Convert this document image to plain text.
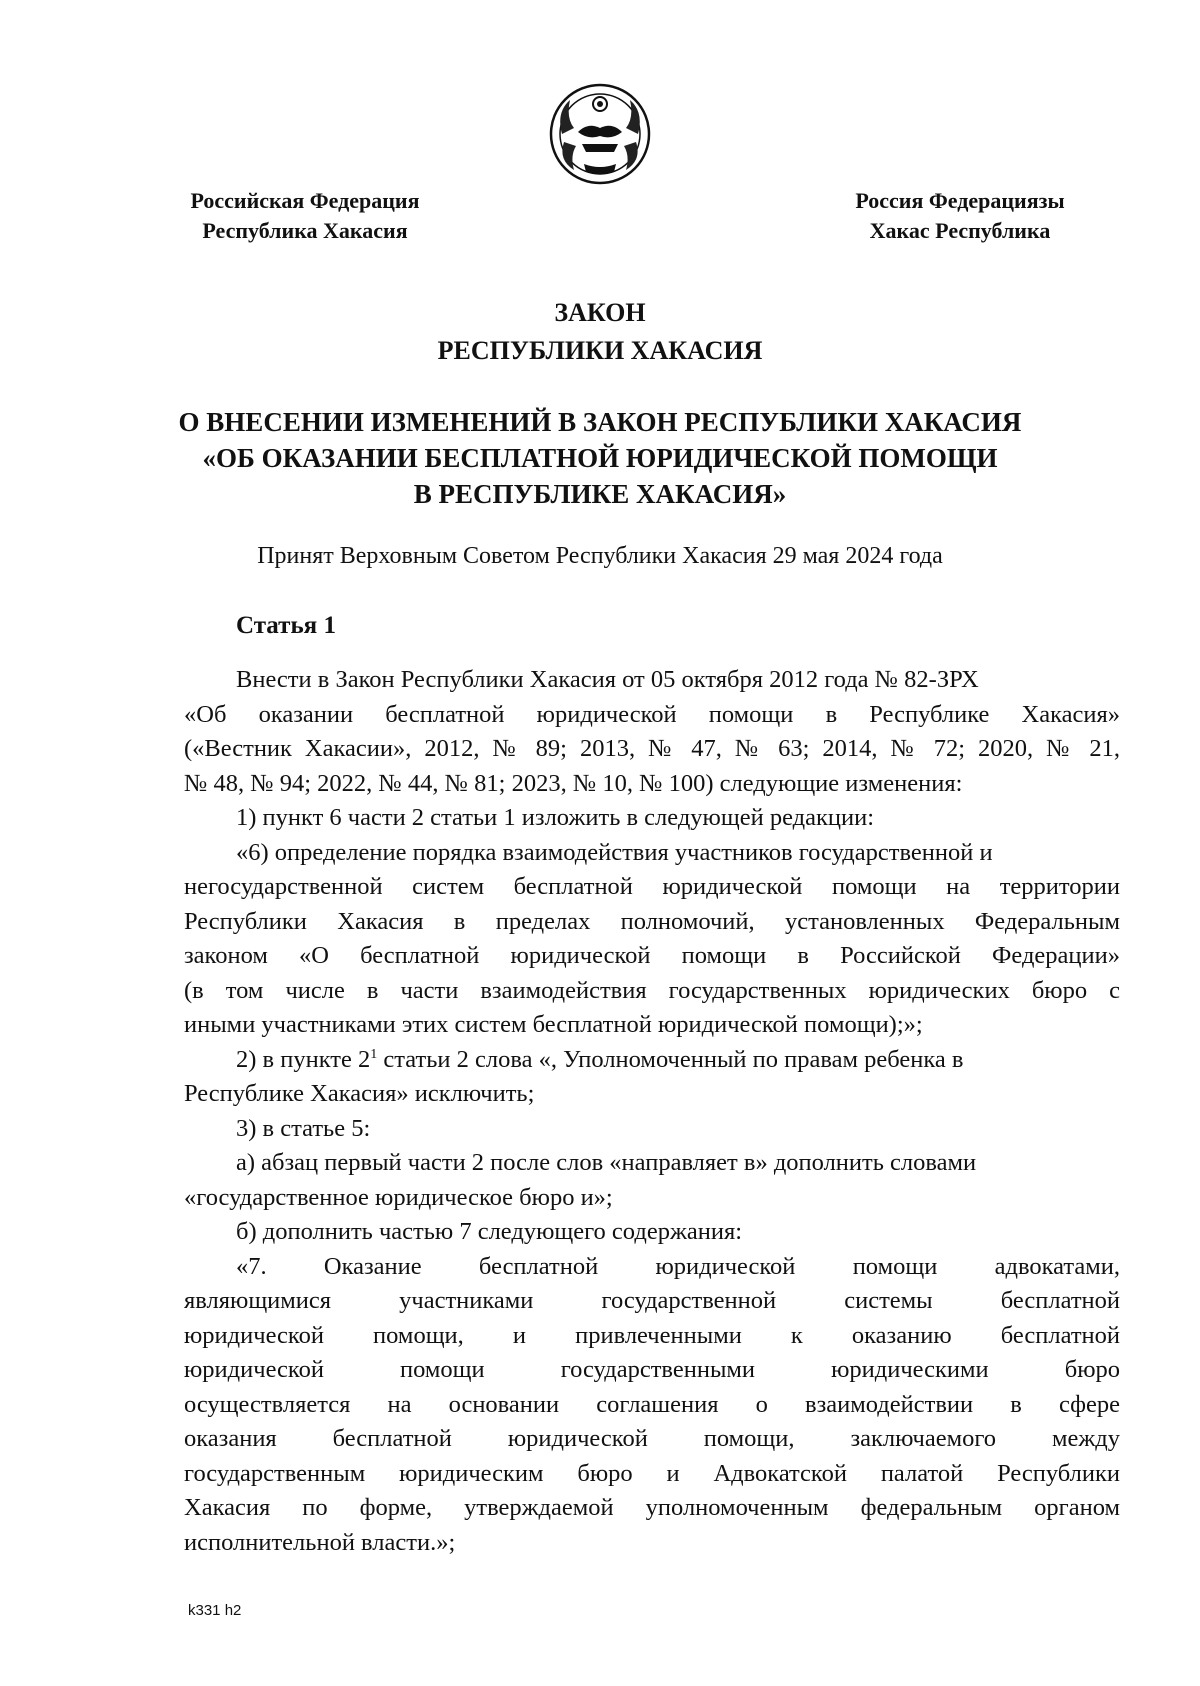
Российская Федерация
Республика Хакасия
Россия Федерациязы
Хакас Республика
ЗАКОН
РЕСПУБЛИКИ ХАКАСИЯ
О ВНЕСЕНИИ ИЗМЕНЕНИЙ В ЗАКОН РЕСПУБЛИКИ ХАКАСИЯ
«ОБ ОКАЗАНИИ БЕСПЛАТНОЙ ЮРИДИЧЕСКОЙ ПОМОЩИ
В РЕСПУБЛИКЕ ХАКАСИЯ»
Принят Верховным Советом Республики Хакасия 29 мая 2024 года
Статья 1
Внести в Закон Республики Хакасия от 05 октября 2012 года № 82-ЗРХ
«Об оказании бесплатной юридической помощи в Республике Хакасия»
(«Вестник Хакасии», 2012, № 89; 2013, № 47, № 63; 2014, № 72; 2020, № 21,
№ 48, № 94; 2022, № 44, № 81; 2023, № 10, № 100) следующие изменения:
1) пункт 6 части 2 статьи 1 изложить в следующей редакции:
«6) определение порядка взаимодействия участников государственной и
негосударственной систем бесплатной юридической помощи на территории
Республики Хакасия в пределах полномочий, установленных Федеральным
законом «О бесплатной юридической помощи в Российской Федерации»
(в том числе в части взаимодействия государственных юридических бюро с
иными участниками этих систем бесплатной юридической помощи);»;
2) в пункте $2^1$ статьи 2 слова «, Уполномоченный по правам ребенка в
Республике Хакасия» исключить;
3) в статье 5:
а) абзац первый части 2 после слов «направляет в» дополнить словами
«государственное юридическое бюро и»;
б) дополнить частью 7 следующего содержания:
«7. Оказание бесплатной юридической помощи адвокатами,
являющимися участниками государственной системы бесплатной
юридической помощи, и привлеченными к оказанию бесплатной
юридической помощи государственными юридическими бюро
осуществляется на основании соглашения о взаимодействии в сфере
оказания бесплатной юридической помощи, заключаемого между
государственным юридическим бюро и Адвокатской палатой Республики
Хакасия по форме, утверждаемой уполномоченным федеральным органом
исполнительной власти.»;
k331 h2
